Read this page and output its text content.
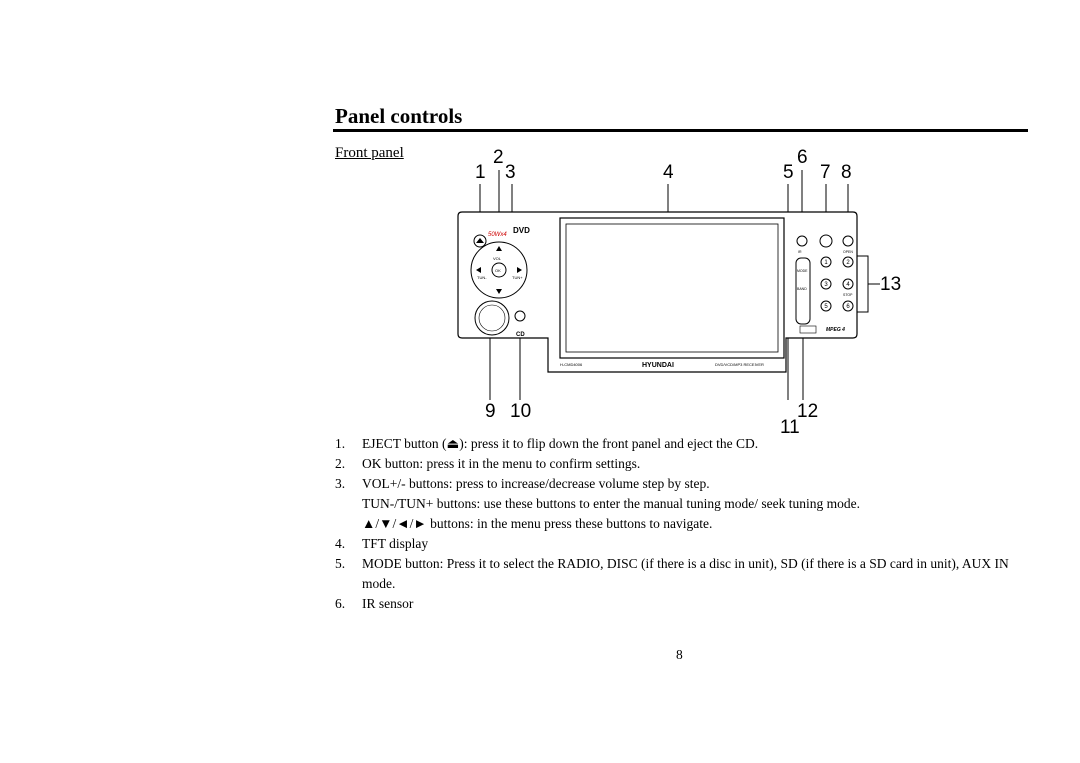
Panel controls
Front panel
1
2
3	4	5
6
7 8
9 10
11
12
13
50Wx4 DVD
OK
VOL
TUN-	TUN+
CD
IR	OPEN
MODE
BAND
1	2
3	4
5	6
STOP
MPEG 4
H-CMD4006	HYUNDAI	DVD/VCD/MP3 RECEIVER
1. EJECT button (⏏): press it to flip down the front panel and eject the CD.
2. OK button: press it in the menu to confirm settings.
3. VOL+/- buttons: press to increase/decrease volume step by step.
TUN-/TUN+ buttons: use these buttons to enter the manual tuning mode/ seek tuning mode.
▲/▼/◄/► buttons: in the menu press these buttons to navigate.
4. TFT display
5. MODE button: Press it to select the RADIO, DISC (if there is a disc in unit), SD (if there is a SD card in unit), AUX IN mode.
6. IR sensor
8
